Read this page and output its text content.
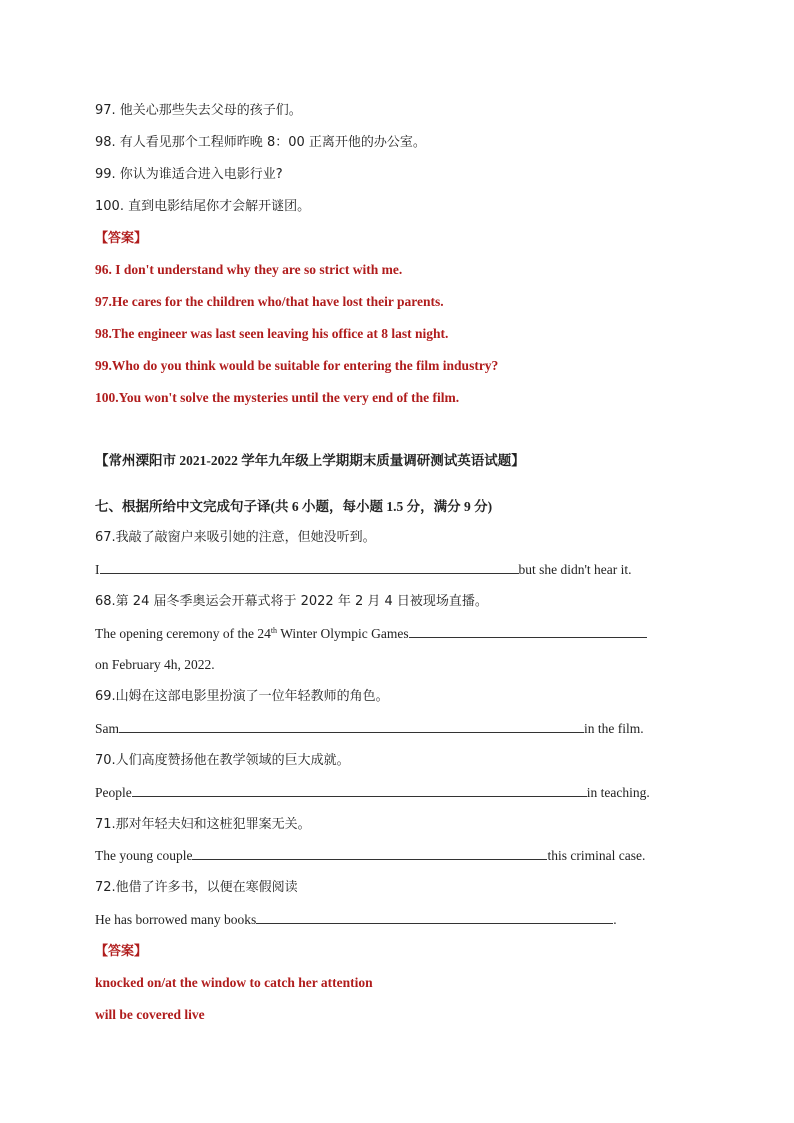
97. 他关心那些失去父母的孩子们。
98. 有人看见那个工程师昨晚 8：00 正离开他的办公室。
99. 你认为谁适合进入电影行业?
100. 直到电影结尾你才会解开谜团。
【答案】
96. I don't understand why they are so strict with me.
97.He cares for the children who/that have lost their parents.
98.The engineer was last seen leaving his office at 8 last night.
99.Who do you think would be suitable for entering the film industry?
100.You won't solve the mysteries until the very end of the film.
【常州溧阳市 2021-2022 学年九年级上学期期末质量调研测试英语试题】
七、根据所给中文完成句子译(共 6 小题，每小题 1.5 分，满分 9 分)
67.我敲了敲窗户来吸引她的注意，但她没听到。
I	but she didn't hear it.
68.第 24 届冬季奥运会开幕式将于 2022 年 2 月 4 日被现场直播。
The opening ceremony of the 24th Winter Olympic Games
on February 4h, 2022.
69.山姆在这部电影里扮演了一位年轻教师的角色。
Sam	in the film.
70.人们高度赞扬他在教学领域的巨大成就。
People	in teaching.
71.那对年轻夫妇和这桩犯罪案无关。
The young couple	this criminal case.
72.他借了许多书，以便在寒假阅读
He has borrowed many books	.
【答案】
knocked on/at the window to catch her attention
will be covered live
